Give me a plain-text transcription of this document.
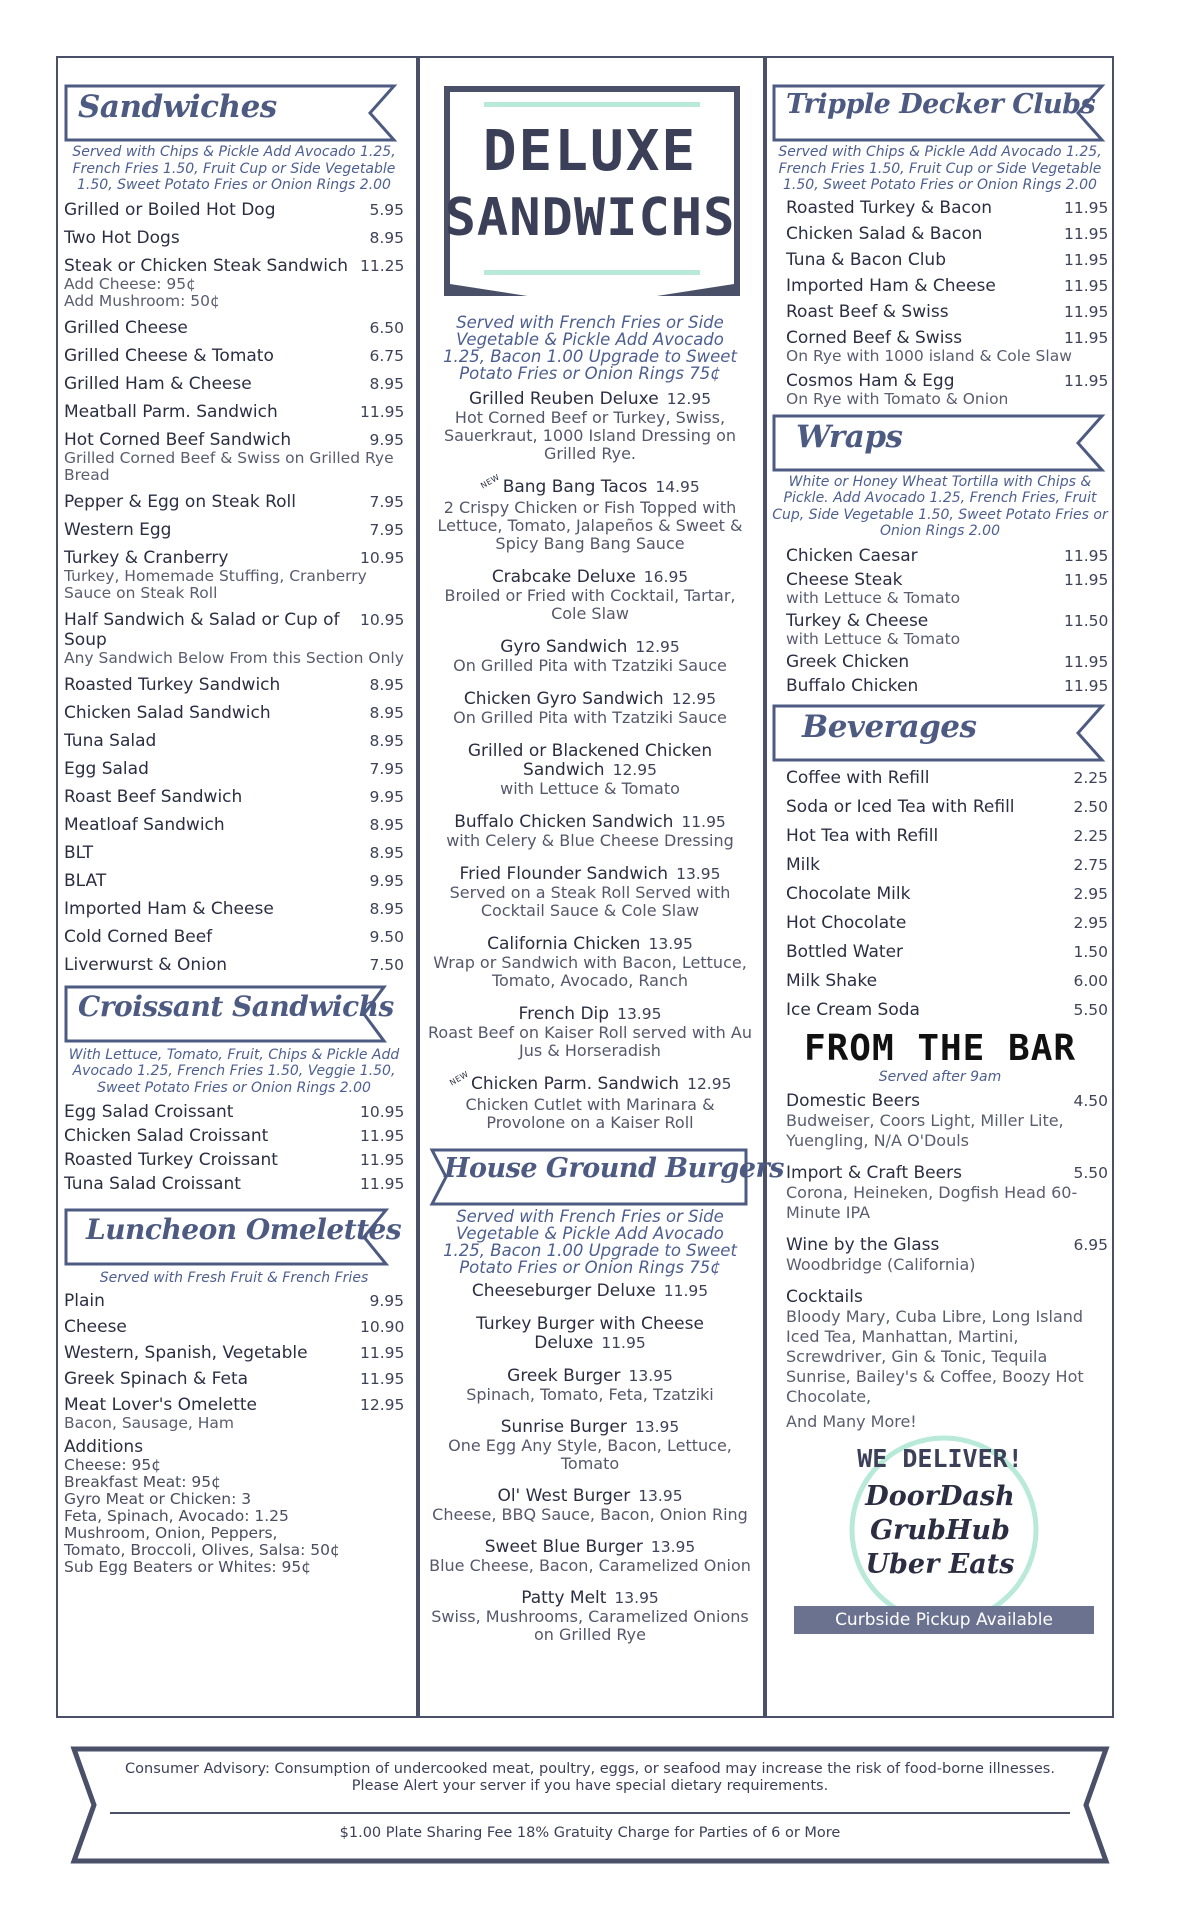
Sandwiches
Served with Chips & Pickle Add Avocado 1.25, French Fries 1.50, Fruit Cup or Side Vegetable 1.50, Sweet Potato Fries or Onion Rings 2.00
Grilled or Boiled Hot Dog	5.95
Two Hot Dogs	8.95
Steak or Chicken Steak Sandwich 11.25
Add Cheese: 95¢
Add Mushroom: 50¢
Grilled Cheese	6.50
Grilled Cheese & Tomato	6.75
Grilled Ham & Cheese	8.95
Meatball Parm. Sandwich	11.95
Hot Corned Beef Sandwich	9.95
Grilled Corned Beef & Swiss on Grilled Rye Bread
Pepper & Egg on Steak Roll	7.95
Western Egg	7.95
Turkey & Cranberry	10.95
Turkey, Homemade Stuffing, Cranberry Sauce on Steak Roll
Half Sandwich & Salad or Cup of Soup
10.95
Any Sandwich Below From this Section Only
Roasted Turkey Sandwich	8.95
Chicken Salad Sandwich	8.95
Tuna Salad	8.95
Egg Salad	7.95
Roast Beef Sandwich	9.95
Meatloaf Sandwich	8.95
BLT	8.95
BLAT	9.95
Imported Ham & Cheese	8.95
Cold Corned Beef	9.50
Liverwurst & Onion	7.50
Croissant Sandwichs
With Lettuce, Tomato, Fruit, Chips & Pickle Add Avocado 1.25, French Fries 1.50, Veggie 1.50, Sweet Potato Fries or Onion Rings 2.00
Egg Salad Croissant	10.95
Chicken Salad Croissant	11.95
Roasted Turkey Croissant	11.95
Tuna Salad Croissant	11.95
Luncheon Omelettes
Served with Fresh Fruit & French Fries
Plain	9.95
Cheese	10.90
Western, Spanish, Vegetable	11.95
Greek Spinach & Feta	11.95
Meat Lover's Omelette	12.95
Bacon, Sausage, Ham
Additions
Cheese: 95¢
Breakfast Meat: 95¢
Gyro Meat or Chicken: 3
Feta, Spinach, Avocado: 1.25
Mushroom, Onion, Peppers,
Tomato, Broccoli, Olives, Salsa: 50¢
Sub Egg Beaters or Whites: 95¢
DELUXE
SANDWICHS
Served with French Fries or Side Vegetable & Pickle Add Avocado 1.25, Bacon 1.00 Upgrade to Sweet Potato Fries or Onion Rings 75¢
Grilled Reuben Deluxe 12.95
Hot Corned Beef or Turkey, Swiss, Sauerkraut, 1000 Island Dressing on Grilled Rye.
NEWBang Bang Tacos 14.95
2 Crispy Chicken or Fish Topped with Lettuce, Tomato, Jalapeños & Sweet & Spicy Bang Bang Sauce
Crabcake Deluxe 16.95
Broiled or Fried with Cocktail, Tartar, Cole Slaw
Gyro Sandwich 12.95
On Grilled Pita with Tzatziki Sauce
Chicken Gyro Sandwich 12.95
On Grilled Pita with Tzatziki Sauce
Grilled or Blackened Chicken Sandwich 12.95
with Lettuce & Tomato
Buffalo Chicken Sandwich 11.95
with Celery & Blue Cheese Dressing
Fried Flounder Sandwich 13.95
Served on a Steak Roll Served with Cocktail Sauce & Cole Slaw
California Chicken 13.95
Wrap or Sandwich with Bacon, Lettuce, Tomato, Avocado, Ranch
French Dip 13.95
Roast Beef on Kaiser Roll served with Au Jus & Horseradish
NEWChicken Parm. Sandwich 12.95
Chicken Cutlet with Marinara & Provolone on a Kaiser Roll
House Ground Burgers
Served with French Fries or Side Vegetable & Pickle Add Avocado 1.25, Bacon 1.00 Upgrade to Sweet Potato Fries or Onion Rings 75¢
Cheeseburger Deluxe 11.95
Turkey Burger with Cheese Deluxe 11.95
Greek Burger 13.95
Spinach, Tomato, Feta, Tzatziki
Sunrise Burger 13.95
One Egg Any Style, Bacon, Lettuce, Tomato
Ol' West Burger 13.95
Cheese, BBQ Sauce, Bacon, Onion Ring
Sweet Blue Burger 13.95
Blue Cheese, Bacon, Caramelized Onion
Patty Melt 13.95
Swiss, Mushrooms, Caramelized Onions on Grilled Rye
Tripple Decker Clubs
Served with Chips & Pickle Add Avocado 1.25, French Fries 1.50, Fruit Cup or Side Vegetable 1.50, Sweet Potato Fries or Onion Rings 2.00
Roasted Turkey & Bacon	11.95
Chicken Salad & Bacon	11.95
Tuna & Bacon Club	11.95
Imported Ham & Cheese	11.95
Roast Beef & Swiss	11.95
Corned Beef & Swiss	11.95
On Rye with 1000 island & Cole Slaw
Cosmos Ham & Egg	11.95
On Rye with Tomato & Onion
Wraps
White or Honey Wheat Tortilla with Chips & Pickle. Add Avocado 1.25, French Fries, Fruit Cup, Side Vegetable 1.50, Sweet Potato Fries or Onion Rings 2.00
Chicken Caesar	11.95
Cheese Steak	11.95
with Lettuce & Tomato
Turkey & Cheese	11.50
with Lettuce & Tomato
Greek Chicken	11.95
Buffalo Chicken	11.95
Beverages
Coffee with Refill	2.25
Soda or Iced Tea with Refill	2.50
Hot Tea with Refill	2.25
Milk	2.75
Chocolate Milk	2.95
Hot Chocolate	2.95
Bottled Water	1.50
Milk Shake	6.00
Ice Cream Soda	5.50
FROM THE BAR
Served after 9am
Domestic Beers	4.50
Budweiser, Coors Light, Miller Lite, Yuengling, N/A O'Douls
Import & Craft Beers	5.50
Corona, Heineken, Dogfish Head 60-Minute IPA
Wine by the Glass	6.95
Woodbridge (California)
Cocktails
Bloody Mary, Cuba Libre, Long Island Iced Tea, Manhattan, Martini, Screwdriver, Gin & Tonic, Tequila Sunrise, Bailey's & Coffee, Boozy Hot Chocolate,
And Many More!
WE DELIVER!
DoorDash
GrubHub
Uber Eats
Curbside Pickup Available
Consumer Advisory: Consumption of undercooked meat, poultry, eggs, or seafood may increase the risk of food-borne illnesses. Please Alert your server if you have special dietary requirements.
$1.00 Plate Sharing Fee 18% Gratuity Charge for Parties of 6 or More
